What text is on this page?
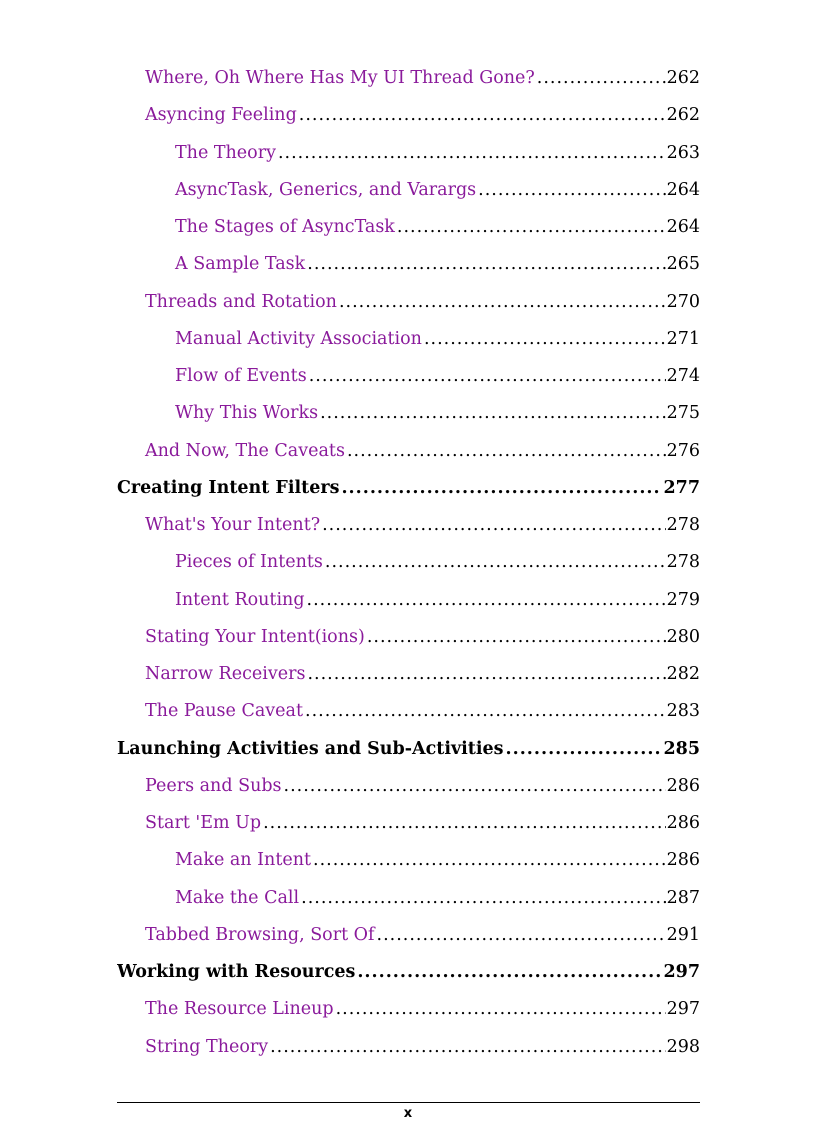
Where, Oh Where Has My UI Thread Gone? .....	262
Asyncing Feeling .....	262
The Theory .....	263
AsyncTask, Generics, and Varargs .....	264
The Stages of AsyncTask .....	264
A Sample Task .....	265
Threads and Rotation .....	270
Manual Activity Association .....	271
Flow of Events .....	274
Why This Works .....	275
And Now, The Caveats .....	276
Creating Intent Filters .....	277
What's Your Intent? .....	278
Pieces of Intents .....	278
Intent Routing .....	279
Stating Your Intent(ions) .....	280
Narrow Receivers .....	282
The Pause Caveat .....	283
Launching Activities and Sub-Activities .....	285
Peers and Subs .....	286
Start 'Em Up .....	286
Make an Intent .....	286
Make the Call .....	287
Tabbed Browsing, Sort Of .....	291
Working with Resources .....	297
The Resource Lineup .....	297
String Theory .....	298
x
